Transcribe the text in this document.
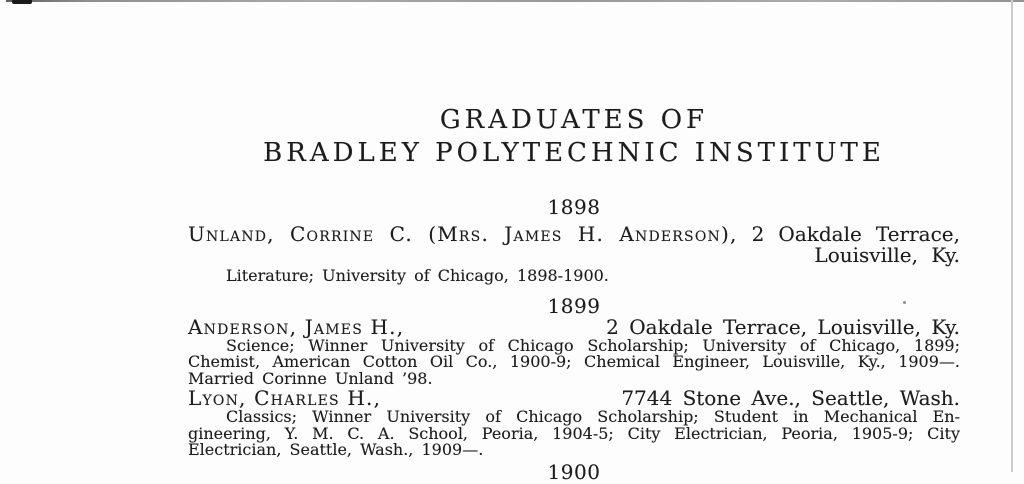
GRADUATES OF
BRADLEY POLYTECHNIC INSTITUTE
1898
Unland, Corrine C. (Mrs. James H. Anderson), 2 Oakdale Terrace,
Louisville, Ky.
Literature; University of Chicago, 1898-1900.
1899
Anderson, James H.,	2 Oakdale Terrace, Louisville, Ky.
Science; Winner University of Chicago Scholarship; University of Chicago, 1899;
Chemist, American Cotton Oil Co., 1900-9; Chemical Engineer, Louisville, Ky., 1909—.
Married Corinne Unland ’98.
Lyon, Charles H.,	7744 Stone Ave., Seattle, Wash.
Classics; Winner University of Chicago Scholarship; Student in Mechanical En-
gineering, Y. M. C. A. School, Peoria, 1904-5; City Electrician, Peoria, 1905-9; City
Electrician, Seattle, Wash., 1909—.
1900
